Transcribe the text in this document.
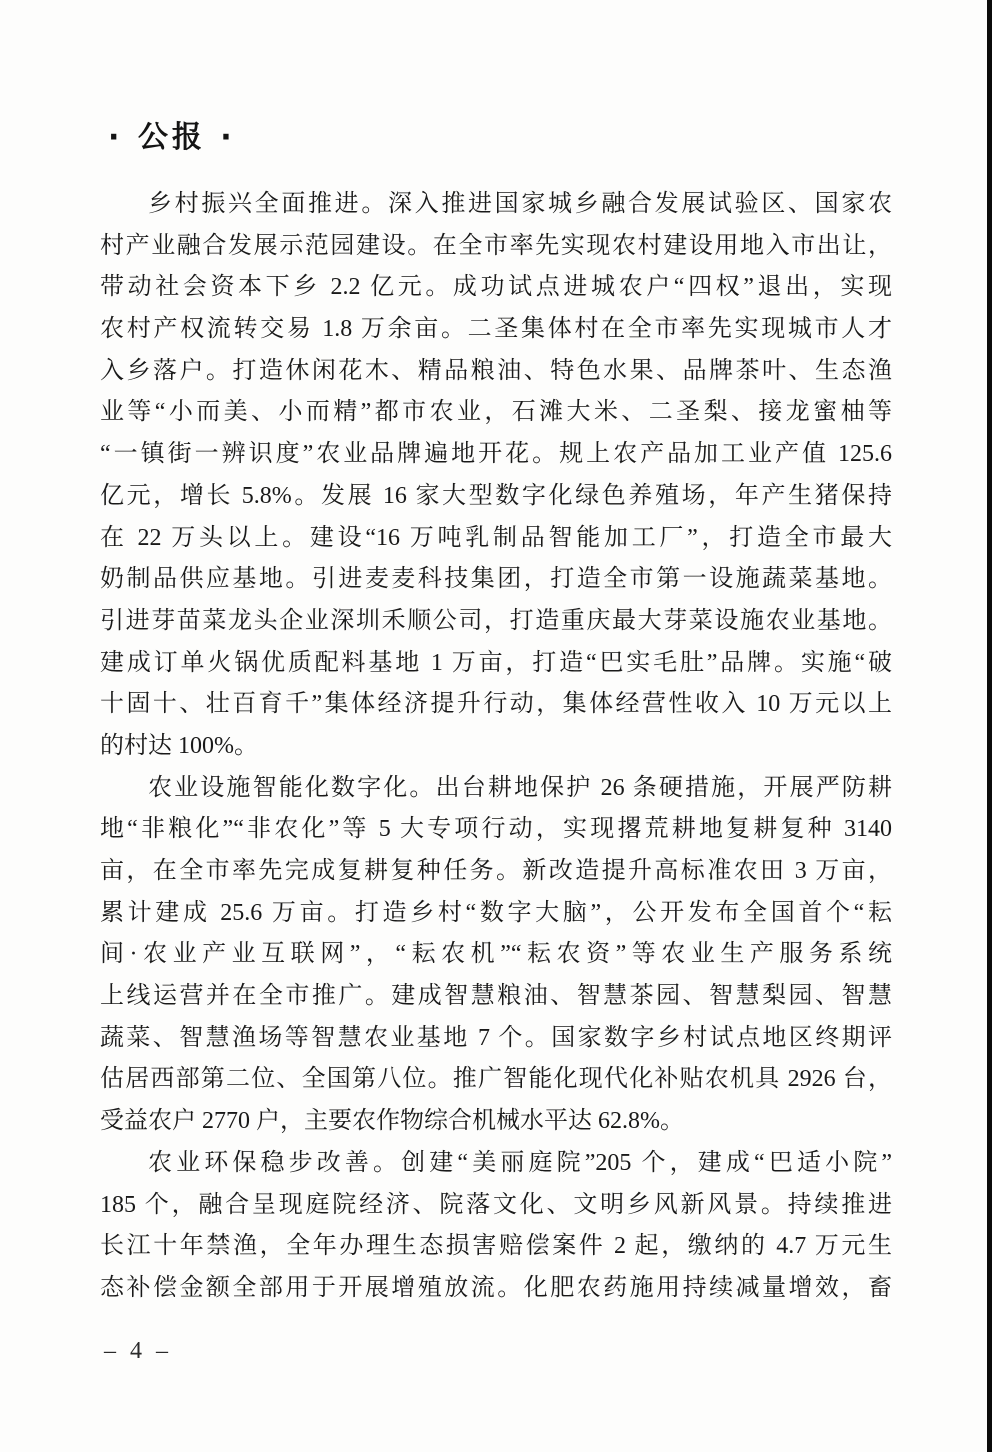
· 公报 ·
乡村振兴全面推进。深入推进国家城乡融合发展试验区、国家农
村产业融合发展示范园建设。在全市率先实现农村建设用地入市出让，
带动社会资本下乡 2.2 亿元。成功试点进城农户“四权”退出，实现
农村产权流转交易 1.8 万余亩。二圣集体村在全市率先实现城市人才
入乡落户。打造休闲花木、精品粮油、特色水果、品牌茶叶、生态渔
业等“小而美、小而精”都市农业，石滩大米、二圣梨、接龙蜜柚等
“一镇街一辨识度”农业品牌遍地开花。规上农产品加工业产值 125.6
亿元，增长 5.8%。发展 16 家大型数字化绿色养殖场，年产生猪保持
在 22 万头以上。建设“16 万吨乳制品智能加工厂”，打造全市最大
奶制品供应基地。引进麦麦科技集团，打造全市第一设施蔬菜基地。
引进芽苗菜龙头企业深圳禾顺公司，打造重庆最大芽菜设施农业基地。
建成订单火锅优质配料基地 1 万亩，打造“巴实毛肚”品牌。实施“破
十固十、壮百育千”集体经济提升行动，集体经营性收入 10 万元以上
的村达 100%。
农业设施智能化数字化。出台耕地保护 26 条硬措施，开展严防耕
地“非粮化”“非农化”等 5 大专项行动，实现撂荒耕地复耕复种 3140
亩，在全市率先完成复耕复种任务。新改造提升高标准农田 3 万亩，
累计建成 25.6 万亩。打造乡村“数字大脑”，公开发布全国首个“耘
间·农业产业互联网”，“耘农机”“耘农资”等农业生产服务系统
上线运营并在全市推广。建成智慧粮油、智慧茶园、智慧梨园、智慧
蔬菜、智慧渔场等智慧农业基地 7 个。国家数字乡村试点地区终期评
估居西部第二位、全国第八位。推广智能化现代化补贴农机具 2926 台，
受益农户 2770 户，主要农作物综合机械水平达 62.8%。
农业环保稳步改善。创建“美丽庭院”205 个，建成“巴适小院”
185 个，融合呈现庭院经济、院落文化、文明乡风新风景。持续推进
长江十年禁渔，全年办理生态损害赔偿案件 2 起，缴纳的 4.7 万元生
态补偿金额全部用于开展增殖放流。化肥农药施用持续减量增效，畜
– 4 –
